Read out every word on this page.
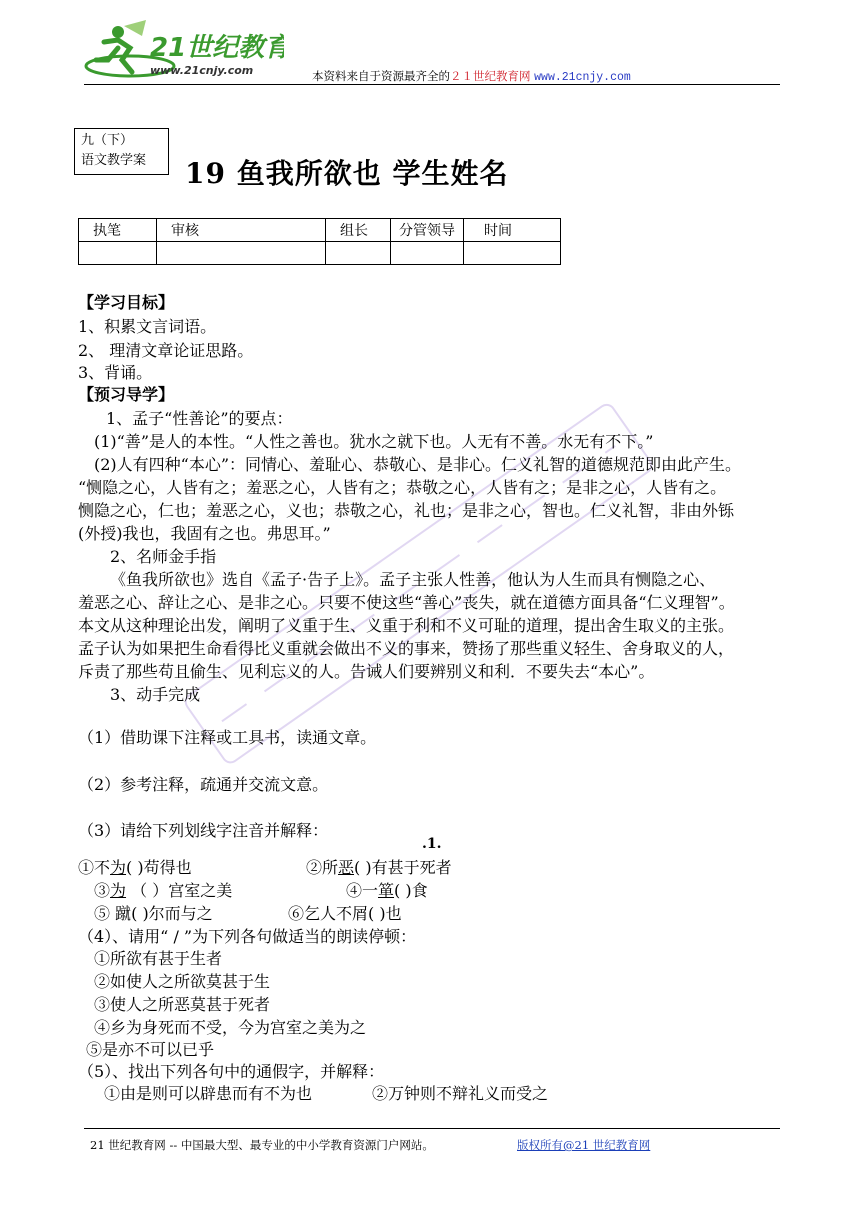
21世纪教育
www.21cnjy.com	本资料来自于资源最齐全的２１世纪教育网 www.21cnjy.com
九（下）
语文教学案	19 鱼我所欲也 学生姓名
执笔	审核	组长	分管领导	时间

【学习目标】
1、积累文言词语。
2、 理清文章论证思路。
3、背诵。
【预习导学】
1、孟子“性善论”的要点：
(1)“善”是人的本性。“人性之善也。犹水之就下也。人无有不善。水无有不下。”
(2)人有四种“本心”：同情心、羞耻心、恭敬心、是非心。仁义礼智的道德规范即由此产生。
“恻隐之心，人皆有之；羞恶之心，人皆有之；恭敬之心，人皆有之；是非之心，人皆有之。
恻隐之心，仁也；羞恶之心，义也；恭敬之心，礼也；是非之心，智也。仁义礼智，非由外铄
(外授)我也，我固有之也。弗思耳。”
2、名师金手指
《鱼我所欲也》选自《孟子·告子上》。孟子主张人性善，他认为人生而具有恻隐之心、
羞恶之心、辞让之心、是非之心。只要不使这些“善心”丧失，就在道德方面具备“仁义理智”。
本文从这种理论出发，阐明了义重于生、义重于利和不义可耻的道理，提出舍生取义的主张。
孟子认为如果把生命看得比义重就会做出不义的事来，赞扬了那些重义轻生、舍身取义的人，
斥责了那些苟且偷生、见利忘义的人。告诫人们要辨别义和利．不要失去“本心”。
3、动手完成
（1）借助课下注释或工具书，读通文章。
（2）参考注释，疏通并交流文意。
（3）请给下列划线字注音并解释：
.1.
①不为( )苟得也	②所恶( )有甚于死者
③为 （ ）宫室之美	④一箪( )食
⑤ 蹴( )尔而与之	⑥乞人不屑( )也
（4）、请用“ / ”为下列各句做适当的朗读停顿：
①所欲有甚于生者
②如使人之所欲莫甚于生
③使人之所恶莫甚于死者
④乡为身死而不受，今为宫室之美为之
⑤是亦不可以已乎
（5）、找出下列各句中的通假字，并解释：
①由是则可以辟患而有不为也	②万钟则不辩礼义而受之
21 世纪教育网 -- 中国最大型、最专业的中小学教育资源门户网站。	版权所有@21 世纪教育网
